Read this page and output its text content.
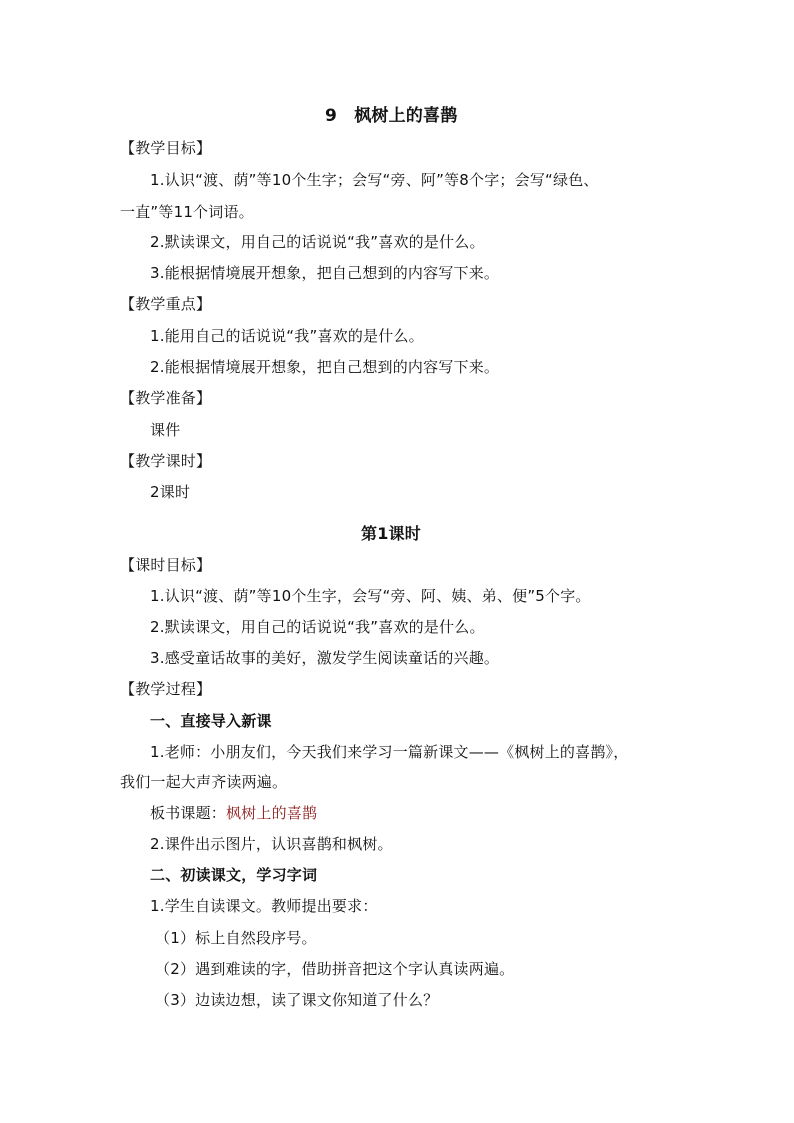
9　枫树上的喜鹊
【教学目标】
1.认识“渡、荫”等10个生字；会写“旁、阿”等8个字；会写“绿色、
一直”等11个词语。
2.默读课文，用自己的话说说“我”喜欢的是什么。
3.能根据情境展开想象，把自己想到的内容写下来。
【教学重点】
1.能用自己的话说说“我”喜欢的是什么。
2.能根据情境展开想象，把自己想到的内容写下来。
【教学准备】
课件
【教学课时】
2课时
第1课时
【课时目标】
1.认识“渡、荫”等10个生字，会写“旁、阿、姨、弟、便”5个字。
2.默读课文，用自己的话说说“我”喜欢的是什么。
3.感受童话故事的美好，激发学生阅读童话的兴趣。
【教学过程】
一、直接导入新课
1.老师：小朋友们，今天我们来学习一篇新课文——《枫树上的喜鹊》，
我们一起大声齐读两遍。
板书课题：枫树上的喜鹊
2.课件出示图片，认识喜鹊和枫树。
二、初读课文，学习字词
1.学生自读课文。教师提出要求：
（1）标上自然段序号。
（2）遇到难读的字，借助拼音把这个字认真读两遍。
（3）边读边想，读了课文你知道了什么？
